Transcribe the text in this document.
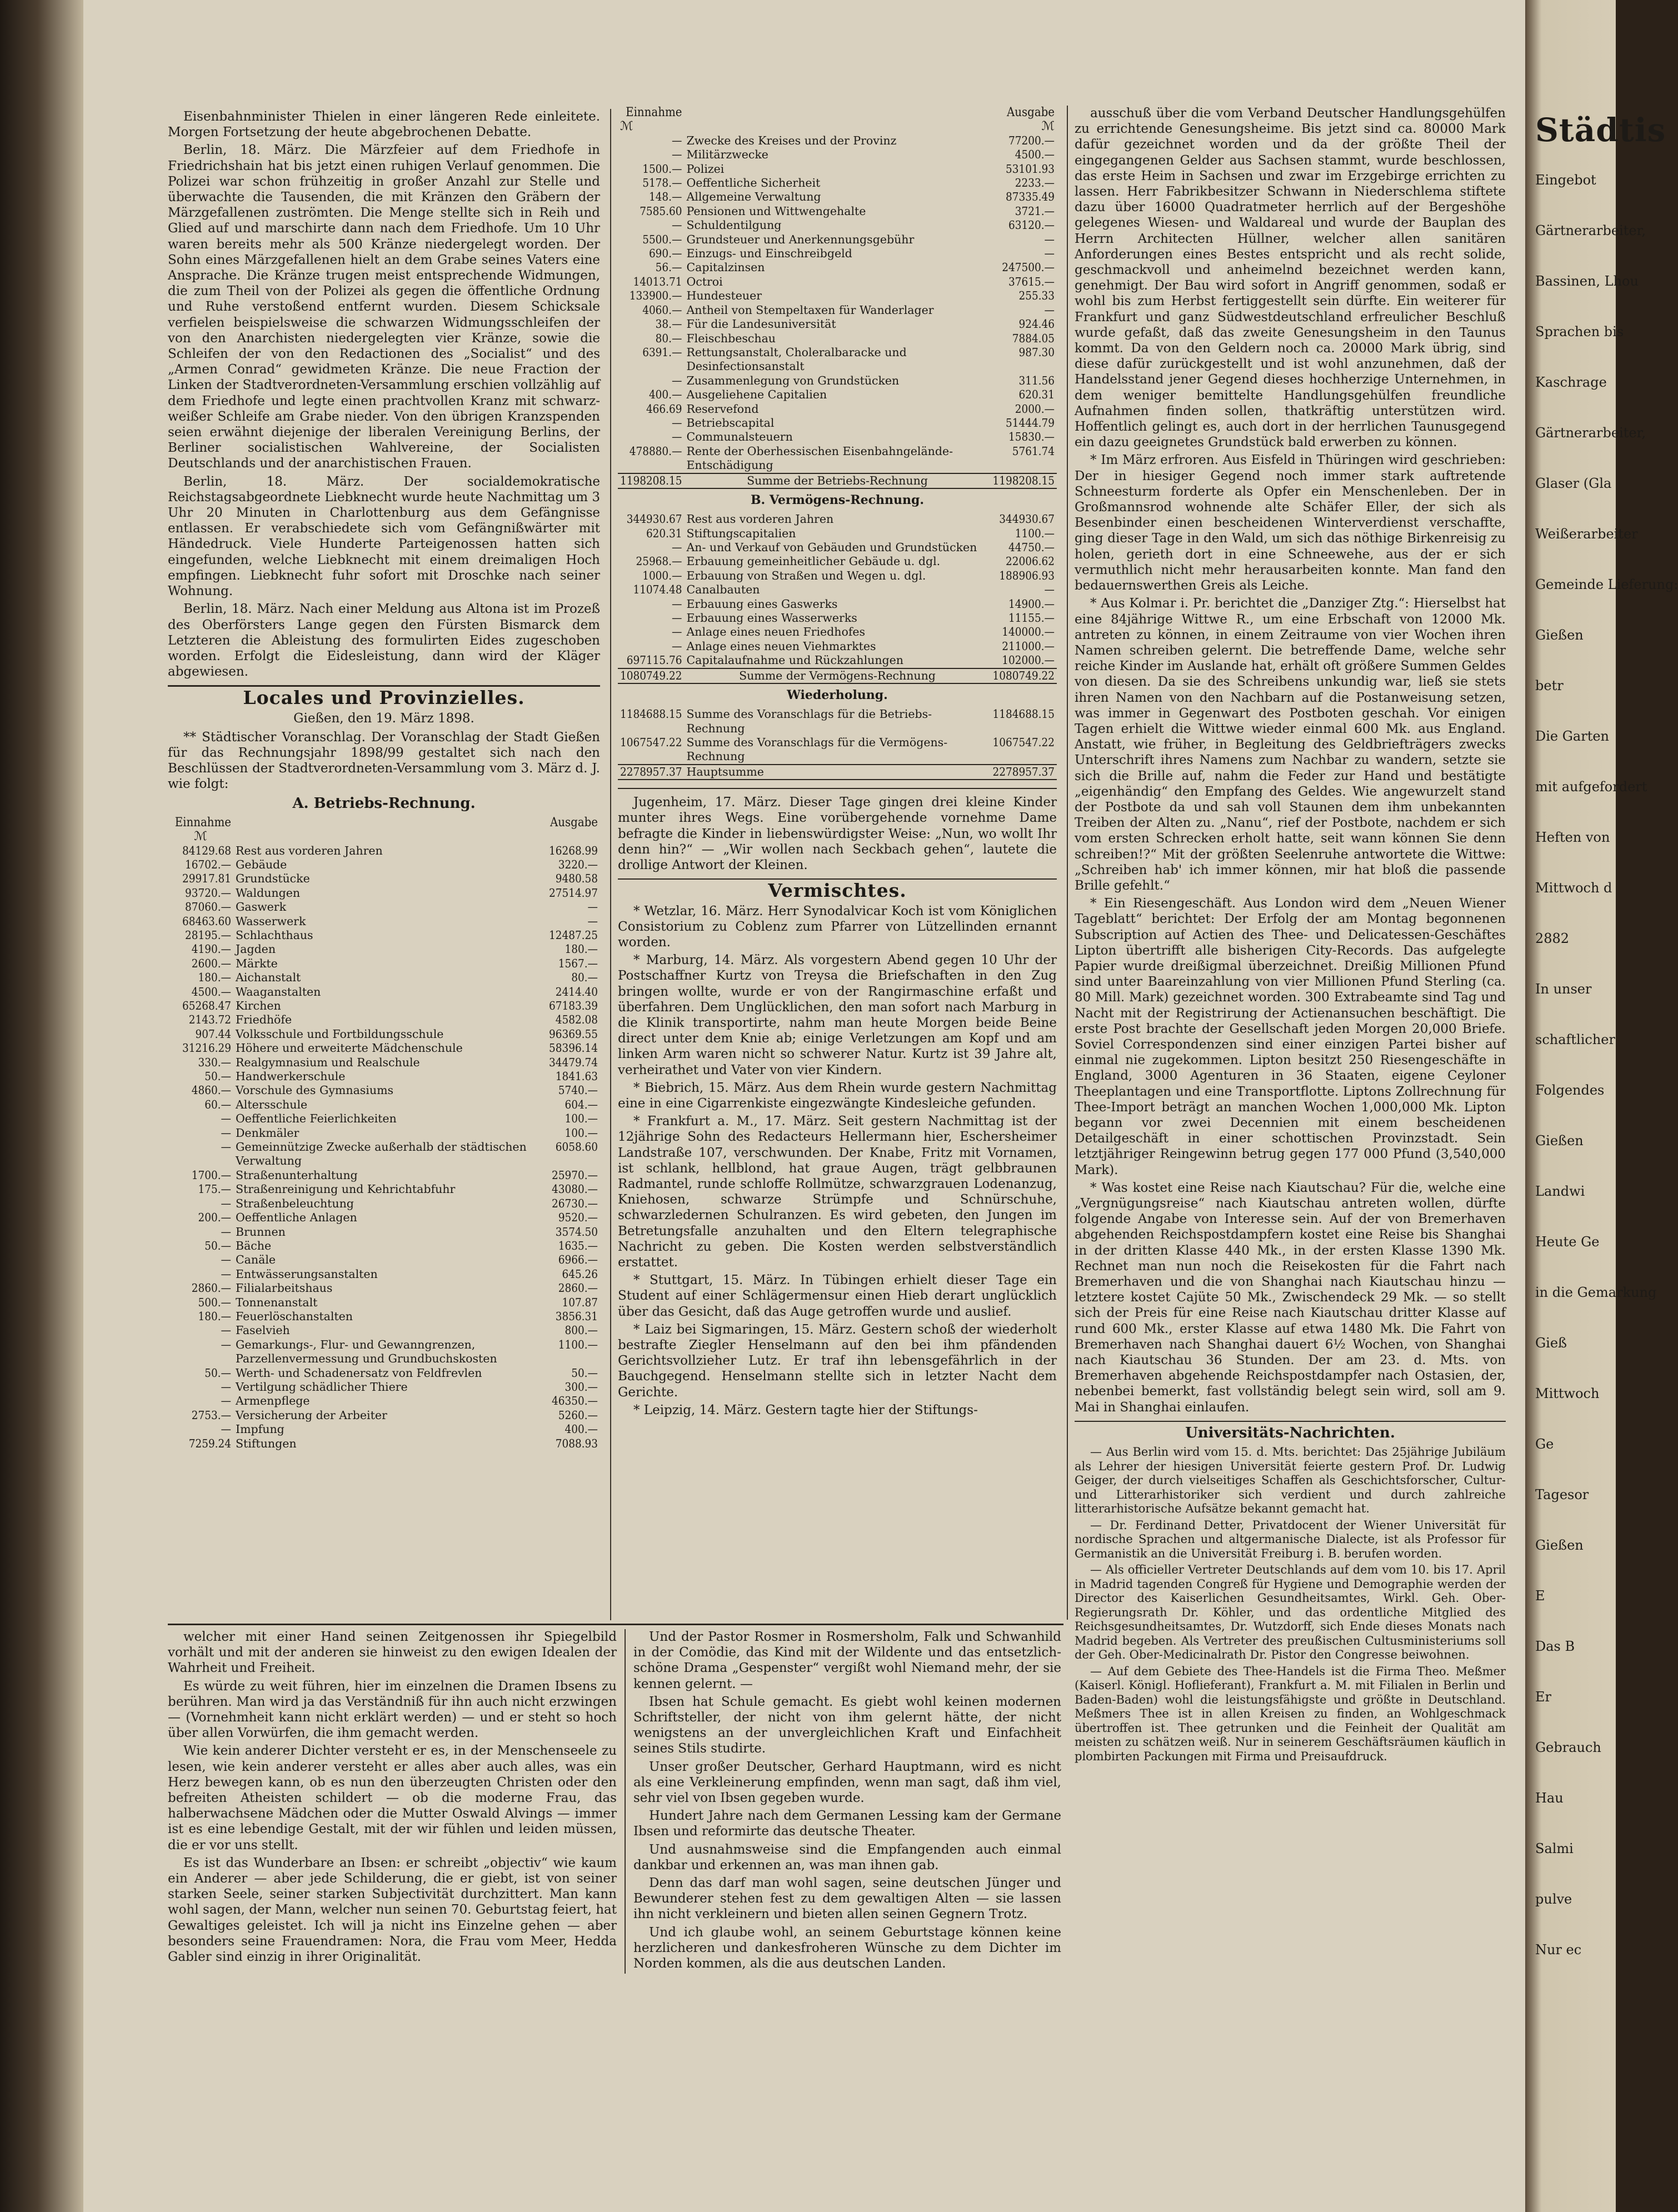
Eisenbahnminister Thielen in einer längeren Rede einleitete. Morgen Fortsetzung der heute abgebrochenen Debatte.

Berlin, 18. März. Die Märzfeier auf dem Friedhofe in Friedrichshain hat bis jetzt einen ruhigen Verlauf genommen. Die Polizei war schon frühzeitig in großer Anzahl zur Stelle und überwachte die Tausenden, die mit Kränzen den Gräbern der Märzgefallenen zuströmten. Die Menge stellte sich in Reih und Glied auf und marschirte dann nach dem Friedhofe. Um 10 Uhr waren bereits mehr als 500 Kränze niedergelegt worden. Der Sohn eines Märzgefallenen hielt an dem Grabe seines Vaters eine Ansprache. Die Kränze trugen meist entsprechende Widmungen, die zum Theil von der Polizei als gegen die öffentliche Ordnung und Ruhe verstoßend entfernt wurden. Diesem Schicksale verfielen beispielsweise die schwarzen Widmungsschleifen der von den Anarchisten niedergelegten vier Kränze, sowie die Schleifen der von den Redactionen des „Socialist“ und des „Armen Conrad“ gewidmeten Kränze. Die neue Fraction der Linken der Stadtverordneten-Versammlung erschien vollzählig auf dem Friedhofe und legte einen prachtvollen Kranz mit schwarz-weißer Schleife am Grabe nieder. Von den übrigen Kranzspenden seien erwähnt diejenige der liberalen Vereinigung Berlins, der Berliner socialistischen Wahlvereine, der Socialisten Deutschlands und der anarchistischen Frauen.

Berlin, 18. März. Der socialdemokratische Reichstagsabgeordnete Liebknecht wurde heute Nachmittag um 3 Uhr 20 Minuten in Charlottenburg aus dem Gefängnisse entlassen. Er verabschiedete sich vom Gefängnißwärter mit Händedruck. Viele Hunderte Parteigenossen hatten sich eingefunden, welche Liebknecht mit einem dreimaligen Hoch empfingen. Liebknecht fuhr sofort mit Droschke nach seiner Wohnung.

Berlin, 18. März. Nach einer Meldung aus Altona ist im Prozeß des Oberförsters Lange gegen den Fürsten Bismarck dem Letzteren die Ableistung des formulirten Eides zugeschoben worden. Erfolgt die Eidesleistung, dann wird der Kläger abgewiesen.

Locales und Provinzielles.
Gießen, den 19. März 1898.

** Städtischer Voranschlag. Der Voranschlag der Stadt Gießen für das Rechnungsjahr 1898/99 gestaltet sich nach den Beschlüssen der Stadtverordneten-Versammlung vom 3. März d. J. wie folgt:

A. Betriebs-Rechnung.
Einnahme		Ausgabe
ℳ		
84129.68	Rest aus vorderen Jahren	16268.99
16702.—	Gebäude	3220.—
29917.81	Grundstücke	9480.58
93720.—	Waldungen	27514.97
87060.—	Gaswerk	—
68463.60	Wasserwerk	—
28195.—	Schlachthaus	12487.25
4190.—	Jagden	180.—
2600.—	Märkte	1567.—
180.—	Aichanstalt	80.—
4500.—	Waaganstalten	2414.40
65268.47	Kirchen	67183.39
2143.72	Friedhöfe	4582.08
907.44	Volksschule und Fortbildungsschule	96369.55
31216.29	Höhere und erweiterte Mädchenschule	58396.14
330.—	Realgymnasium und Realschule	34479.74
50.—	Handwerkerschule	1841.63
4860.—	Vorschule des Gymnasiums	5740.—
60.—	Altersschule	604.—
—	Oeffentliche Feierlichkeiten	100.—
—	Denkmäler	100.—
—	Gemeinnützige Zwecke außerhalb der städtischen Verwaltung	6058.60
1700.—	Straßenunterhaltung	25970.—
175.—	Straßenreinigung und Kehrichtabfuhr	43080.—
—	Straßenbeleuchtung	26730.—
200.—	Oeffentliche Anlagen	9520.—
—	Brunnen	3574.50
50.—	Bäche	1635.—
—	Canäle	6966.—
—	Entwässerungsanstalten	645.26
2860.—	Filialarbeitshaus	2860.—
500.—	Tonnenanstalt	107.87
180.—	Feuerlöschanstalten	3856.31
—	Faselvieh	800.—
—	Gemarkungs-, Flur- und Gewanngrenzen, Parzellenvermessung und Grundbuchskosten	1100.—
50.—	Werth- und Schadenersatz von Feldfrevlen	50.—
—	Vertilgung schädlicher Thiere	300.—
—	Armenpflege	46350.—
2753.—	Versicherung der Arbeiter	5260.—
—	Impfung	400.—
7259.24	Stiftungen	7088.93
Einnahme		Ausgabe
ℳ		ℳ
—	Zwecke des Kreises und der Provinz	77200.—
—	Militärzwecke	4500.—
1500.—	Polizei	53101.93
5178.—	Oeffentliche Sicherheit	2233.—
148.—	Allgemeine Verwaltung	87335.49
7585.60	Pensionen und Wittwengehalte	3721.—
—	Schuldentilgung	63120.—
5500.—	Grundsteuer und Anerkennungsgebühr	—
690.—	Einzugs- und Einschreibgeld	—
56.—	Capitalzinsen	247500.—
14013.71	Octroi	37615.—
133900.—	Hundesteuer	255.33
4060.—	Antheil von Stempeltaxen für Wanderlager	—
38.—	Für die Landesuniversität	924.46
80.—	Fleischbeschau	7884.05
6391.—	Rettungsanstalt, Choleralbaracke und Desinfectionsanstalt	987.30
—	Zusammenlegung von Grundstücken	311.56
400.—	Ausgeliehene Capitalien	620.31
466.69	Reservefond	2000.—
—	Betriebscapital	51444.79
—	Communalsteuern	15830.—
478880.—	Rente der Oberhessischen Eisenbahngelände-Entschädigung	5761.74
1198208.15	Summe der Betriebs-Rechnung	1198208.15
B. Vermögens-Rechnung.
344930.67	Rest aus vorderen Jahren	344930.67
620.31	Stiftungscapitalien	1100.—
—	An- und Verkauf von Gebäuden und Grundstücken	44750.—
25968.—	Erbauung gemeinheitlicher Gebäude u. dgl.	22006.62
1000.—	Erbauung von Straßen und Wegen u. dgl.	188906.93
11074.48	Canalbauten	—
—	Erbauung eines Gaswerks	14900.—
—	Erbauung eines Wasserwerks	11155.—
—	Anlage eines neuen Friedhofes	140000.—
—	Anlage eines neuen Viehmarktes	211000.—
697115.76	Capitalaufnahme und Rückzahlungen	102000.—
1080749.22	Summe der Vermögens-Rechnung	1080749.22
Wiederholung.
1184688.15	Summe des Voranschlags für die Betriebs-Rechnung	1184688.15
1067547.22	Summe des Voranschlags für die Vermögens-Rechnung	1067547.22
2278957.37	Hauptsumme	2278957.37

Jugenheim, 17. März. Dieser Tage gingen drei kleine Kinder munter ihres Wegs. Eine vorübergehende vornehme Dame befragte die Kinder in liebenswürdigster Weise: „Nun, wo wollt Ihr denn hin?“ — „Wir wollen nach Seckbach gehen“, lautete die drollige Antwort der Kleinen.

Vermischtes.

* Wetzlar, 16. März. Herr Synodalvicar Koch ist vom Königlichen Consistorium zu Coblenz zum Pfarrer von Lützellinden ernannt worden.

* Marburg, 14. März. Als vorgestern Abend gegen 10 Uhr der Postschaffner Kurtz von Treysa die Briefschaften in den Zug bringen wollte, wurde er von der Rangirmaschine erfaßt und überfahren. Dem Unglücklichen, den man sofort nach Marburg in die Klinik transportirte, nahm man heute Morgen beide Beine direct unter dem Knie ab; einige Verletzungen am Kopf und am linken Arm waren nicht so schwerer Natur. Kurtz ist 39 Jahre alt, verheirathet und Vater von vier Kindern.

* Biebrich, 15. März. Aus dem Rhein wurde gestern Nachmittag eine in eine Cigarrenkiste eingezwängte Kindesleiche gefunden.

* Frankfurt a. M., 17. März. Seit gestern Nachmittag ist der 12jährige Sohn des Redacteurs Hellermann hier, Eschersheimer Landstraße 107, verschwunden. Der Knabe, Fritz mit Vornamen, ist schlank, hellblond, hat graue Augen, trägt gelbbraunen Radmantel, runde schloffe Rollmütze, schwarzgrauen Lodenanzug, Kniehosen, schwarze Strümpfe und Schnürschuhe, schwarzledernen Schulranzen. Es wird gebeten, den Jungen im Betretungsfalle anzuhalten und den Eltern telegraphische Nachricht zu geben. Die Kosten werden selbstverständlich erstattet.

* Stuttgart, 15. März. In Tübingen erhielt dieser Tage ein Student auf einer Schlägermensur einen Hieb derart unglücklich über das Gesicht, daß das Auge getroffen wurde und auslief.

* Laiz bei Sigmaringen, 15. März. Gestern schoß der wiederholt bestrafte Ziegler Henselmann auf den bei ihm pfändenden Gerichtsvollzieher Lutz. Er traf ihn lebensgefährlich in der Bauchgegend. Henselmann stellte sich in letzter Nacht dem Gerichte.

* Leipzig, 14. März. Gestern tagte hier der Stiftungs-

ausschuß über die vom Verband Deutscher Handlungsgehülfen zu errichtende Genesungsheime. Bis jetzt sind ca. 80000 Mark dafür gezeichnet worden und da der größte Theil der eingegangenen Gelder aus Sachsen stammt, wurde beschlossen, das erste Heim in Sachsen und zwar im Erzgebirge errichten zu lassen. Herr Fabrikbesitzer Schwann in Niederschlema stiftete dazu über 16000 Quadratmeter herrlich auf der Bergeshöhe gelegenes Wiesen- und Waldareal und wurde der Bauplan des Herrn Architecten Hüllner, welcher allen sanitären Anforderungen eines Bestes entspricht und als recht solide, geschmackvoll und anheimelnd bezeichnet werden kann, genehmigt. Der Bau wird sofort in Angriff genommen, sodaß er wohl bis zum Herbst fertiggestellt sein dürfte. Ein weiterer für Frankfurt und ganz Südwestdeutschland erfreulicher Beschluß wurde gefaßt, daß das zweite Genesungsheim in den Taunus kommt. Da von den Geldern noch ca. 20000 Mark übrig, sind diese dafür zurückgestellt und ist wohl anzunehmen, daß der Handelsstand jener Gegend dieses hochherzige Unternehmen, in dem weniger bemittelte Handlungsgehülfen freundliche Aufnahmen finden sollen, thatkräftig unterstützen wird. Hoffentlich gelingt es, auch dort in der herrlichen Taunusgegend ein dazu geeignetes Grundstück bald erwerben zu können.

* Im März erfroren. Aus Eisfeld in Thüringen wird geschrieben: Der in hiesiger Gegend noch immer stark auftretende Schneesturm forderte als Opfer ein Menschenleben. Der in Großmannsrod wohnende alte Schäfer Eller, der sich als Besenbinder einen bescheidenen Winterverdienst verschaffte, ging dieser Tage in den Wald, um sich das nöthige Birkenreisig zu holen, gerieth dort in eine Schneewehe, aus der er sich vermuthlich nicht mehr herausarbeiten konnte. Man fand den bedauernswerthen Greis als Leiche.

* Aus Kolmar i. Pr. berichtet die „Danziger Ztg.“: Hierselbst hat eine 84jährige Wittwe R., um eine Erbschaft von 12000 Mk. antreten zu können, in einem Zeitraume von vier Wochen ihren Namen schreiben gelernt. Die betreffende Dame, welche sehr reiche Kinder im Auslande hat, erhält oft größere Summen Geldes von diesen. Da sie des Schreibens unkundig war, ließ sie stets ihren Namen von den Nachbarn auf die Postanweisung setzen, was immer in Gegenwart des Postboten geschah. Vor einigen Tagen erhielt die Wittwe wieder einmal 600 Mk. aus England. Anstatt, wie früher, in Begleitung des Geldbriefträgers zwecks Unterschrift ihres Namens zum Nachbar zu wandern, setzte sie sich die Brille auf, nahm die Feder zur Hand und bestätigte „eigenhändig“ den Empfang des Geldes. Wie angewurzelt stand der Postbote da und sah voll Staunen dem ihm unbekannten Treiben der Alten zu. „Nanu“, rief der Postbote, nachdem er sich vom ersten Schrecken erholt hatte, seit wann können Sie denn schreiben!?“ Mit der größten Seelenruhe antwortete die Wittwe: „Schreiben hab' ich immer können, mir hat bloß die passende Brille gefehlt.“

* Ein Riesengeschäft. Aus London wird dem „Neuen Wiener Tageblatt“ berichtet: Der Erfolg der am Montag begonnenen Subscription auf Actien des Thee- und Delicatessen-Geschäftes Lipton übertrifft alle bisherigen City-Records. Das aufgelegte Papier wurde dreißigmal überzeichnet. Dreißig Millionen Pfund sind unter Baareinzahlung von vier Millionen Pfund Sterling (ca. 80 Mill. Mark) gezeichnet worden. 300 Extrabeamte sind Tag und Nacht mit der Registrirung der Actienansuchen beschäftigt. Die erste Post brachte der Gesellschaft jeden Morgen 20,000 Briefe. Soviel Correspondenzen sind einer einzigen Partei bisher auf einmal nie zugekommen. Lipton besitzt 250 Riesengeschäfte in England, 3000 Agenturen in 36 Staaten, eigene Ceyloner Theeplantagen und eine Transportflotte. Liptons Zollrechnung für Thee-Import beträgt an manchen Wochen 1,000,000 Mk. Lipton begann vor zwei Decennien mit einem bescheidenen Detailgeschäft in einer schottischen Provinzstadt. Sein letztjähriger Reingewinn betrug gegen 177 000 Pfund (3,540,000 Mark).

* Was kostet eine Reise nach Kiautschau? Für die, welche eine „Vergnügungsreise“ nach Kiautschau antreten wollen, dürfte folgende Angabe von Interesse sein. Auf der von Bremerhaven abgehenden Reichspostdampfern kostet eine Reise bis Shanghai in der dritten Klasse 440 Mk., in der ersten Klasse 1390 Mk. Rechnet man nun noch die Reisekosten für die Fahrt nach Bremerhaven und die von Shanghai nach Kiautschau hinzu — letztere kostet Cajüte 50 Mk., Zwischendeck 29 Mk. — so stellt sich der Preis für eine Reise nach Kiautschau dritter Klasse auf rund 600 Mk., erster Klasse auf etwa 1480 Mk. Die Fahrt von Bremerhaven nach Shanghai dauert 6½ Wochen, von Shanghai nach Kiautschau 36 Stunden. Der am 23. d. Mts. von Bremerhaven abgehende Reichspostdampfer nach Ostasien, der, nebenbei bemerkt, fast vollständig belegt sein wird, soll am 9. Mai in Shanghai einlaufen.

Universitäts-Nachrichten.

— Aus Berlin wird vom 15. d. Mts. berichtet: Das 25jährige Jubiläum als Lehrer der hiesigen Universität feierte gestern Prof. Dr. Ludwig Geiger, der durch vielseitiges Schaffen als Geschichtsforscher, Cultur- und Litterarhistoriker sich verdient und durch zahlreiche litterarhistorische Aufsätze bekannt gemacht hat.

— Dr. Ferdinand Detter, Privatdocent der Wiener Universität für nordische Sprachen und altgermanische Dialecte, ist als Professor für Germanistik an die Universität Freiburg i. B. berufen worden.

— Als officieller Vertreter Deutschlands auf dem vom 10. bis 17. April in Madrid tagenden Congreß für Hygiene und Demographie werden der Director des Kaiserlichen Gesundheitsamtes, Wirkl. Geh. Ober-Regierungsrath Dr. Köhler, und das ordentliche Mitglied des Reichsgesundheitsamtes, Dr. Wutzdorff, sich Ende dieses Monats nach Madrid begeben. Als Vertreter des preußischen Cultusministeriums soll der Geh. Ober-Medicinalrath Dr. Pistor den Congresse beiwohnen.

— Auf dem Gebiete des Thee-Handels ist die Firma Theo. Meßmer (Kaiserl. Königl. Hoflieferant), Frankfurt a. M. mit Filialen in Berlin und Baden-Baden) wohl die leistungsfähigste und größte in Deutschland. Meßmers Thee ist in allen Kreisen zu finden, an Wohlgeschmack übertroffen ist. Thee getrunken und die Feinheit der Qualität am meisten zu schätzen weiß. Nur in seinerem Geschäftsräumen käuflich in plombirten Packungen mit Firma und Preisaufdruck.

welcher mit einer Hand seinen Zeitgenossen ihr Spiegelbild vorhält und mit der anderen sie hinweist zu den ewigen Idealen der Wahrheit und Freiheit.

Es würde zu weit führen, hier im einzelnen die Dramen Ibsens zu berühren. Man wird ja das Verständniß für ihn auch nicht erzwingen — (Vornehmheit kann nicht erklärt werden) — und er steht so hoch über allen Vorwürfen, die ihm gemacht werden.

Wie kein anderer Dichter versteht er es, in der Menschenseele zu lesen, wie kein anderer versteht er alles aber auch alles, was ein Herz bewegen kann, ob es nun den überzeugten Christen oder den befreiten Atheisten schildert — ob die moderne Frau, das halberwachsene Mädchen oder die Mutter Oswald Alvings — immer ist es eine lebendige Gestalt, mit der wir fühlen und leiden müssen, die er vor uns stellt.

Es ist das Wunderbare an Ibsen: er schreibt „objectiv“ wie kaum ein Anderer — aber jede Schilderung, die er giebt, ist von seiner starken Seele, seiner starken Subjectivität durchzittert. Man kann wohl sagen, der Mann, welcher nun seinen 70. Geburtstag feiert, hat Gewaltiges geleistet. Ich will ja nicht ins Einzelne gehen — aber besonders seine Frauendramen: Nora, die Frau vom Meer, Hedda Gabler sind einzig in ihrer Originalität.

Und der Pastor Rosmer in Rosmersholm, Falk und Schwanhild in der Comödie, das Kind mit der Wildente und das entsetzlich-schöne Drama „Gespenster“ vergißt wohl Niemand mehr, der sie kennen gelernt. —

Ibsen hat Schule gemacht. Es giebt wohl keinen modernen Schriftsteller, der nicht von ihm gelernt hätte, der nicht wenigstens an der unvergleichlichen Kraft und Einfachheit seines Stils studirte.

Unser großer Deutscher, Gerhard Hauptmann, wird es nicht als eine Verkleinerung empfinden, wenn man sagt, daß ihm viel, sehr viel von Ibsen gegeben wurde.

Hundert Jahre nach dem Germanen Lessing kam der Germane Ibsen und reformirte das deutsche Theater.

Und ausnahmsweise sind die Empfangenden auch einmal dankbar und erkennen an, was man ihnen gab.

Denn das darf man wohl sagen, seine deutschen Jünger und Bewunderer stehen fest zu dem gewaltigen Alten — sie lassen ihn nicht verkleinern und bieten allen seinen Gegnern Trotz.

Und ich glaube wohl, an seinem Geburtstage können keine herzlicheren und dankesfroheren Wünsche zu dem Dichter im Norden kommen, als die aus deutschen Landen.

Städtis
Eingebot
Gärtnerarbeiter,
Bassinen, Lhou
Sprachen bis
Kaschrage
Gärtnerarbeiter,
Glaser (Gla
Weißerarbeiter
Gemeinde Lieferung:
Gießen
betr
Die Garten
mit aufgefordert
Heften von
Mittwoch d
2882
In unser
schaftlicher
Folgendes
Gießen
Landwi
Heute Ge
in die Gemarkung
Gieß
Mittwoch
Ge
Tagesor
Gießen
E
Das B
Er
Gebrauch
Hau
Salmi
pulve
Nur ec
